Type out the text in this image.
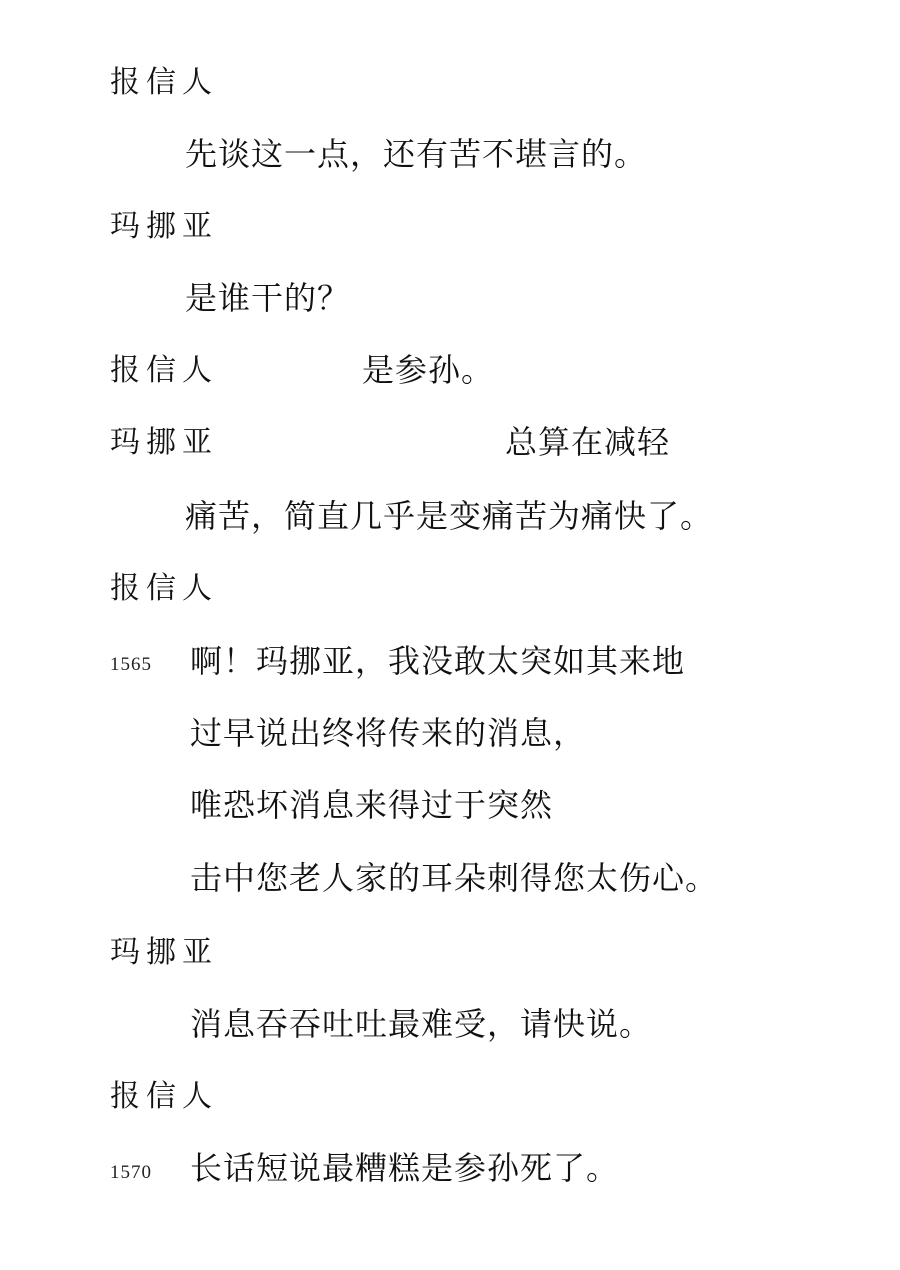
报信人
先谈这一点，还有苦不堪言的。
玛挪亚
是谁干的？
报信人	是参孙。
玛挪亚	总算在减轻
痛苦，简直几乎是变痛苦为痛快了。
报信人
1565 啊！玛挪亚，我没敢太突如其来地
过早说出终将传来的消息，
唯恐坏消息来得过于突然
击中您老人家的耳朵刺得您太伤心。
玛挪亚
消息吞吞吐吐最难受，请快说。
报信人
1570 长话短说最糟糕是参孙死了。
